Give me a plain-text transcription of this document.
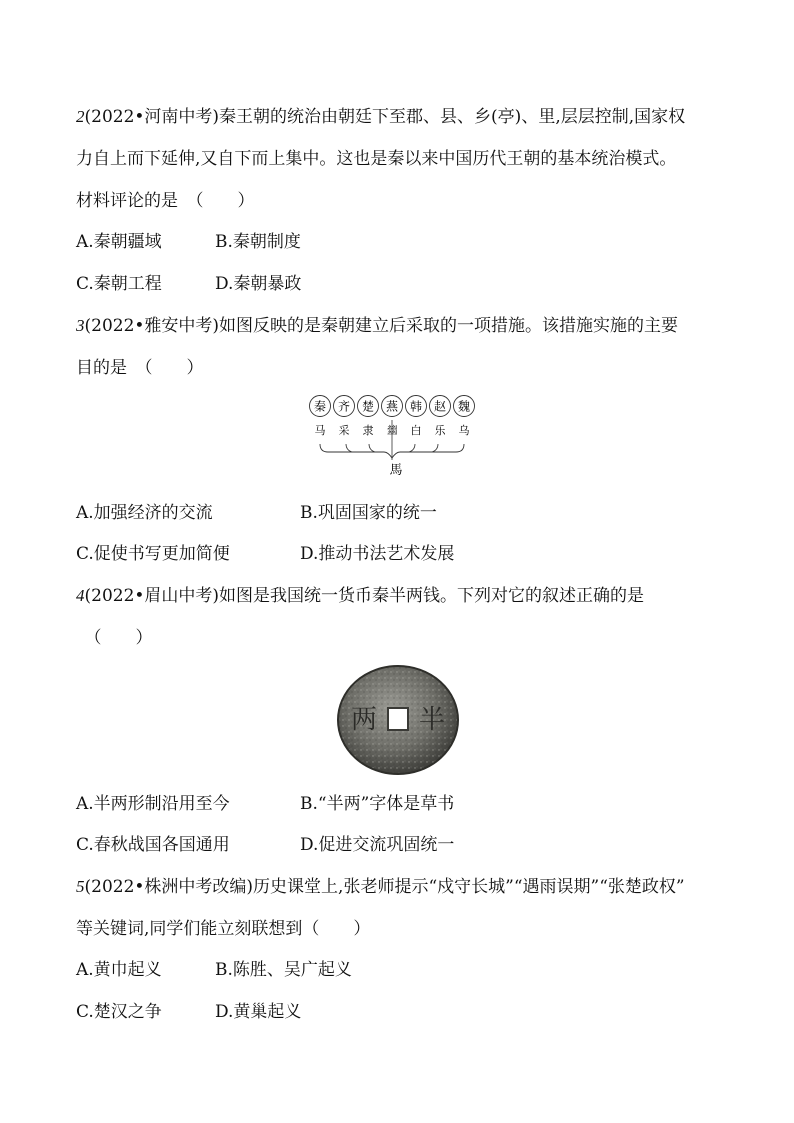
2(2022•河南中考)秦王朝的统治由朝廷下至郡、县、乡(亭)、里,层层控制,国家权
力自上而下延伸,又自下而上集中。这也是秦以来中国历代王朝的基本统治模式。
材料评论的是　（　　）
A.秦朝疆域	B.秦朝制度
C.秦朝工程	D.秦朝暴政
3(2022•雅安中考)如图反映的是秦朝建立后采取的一项措施。该措施实施的主要
目的是　（　　）
秦
马
齐
采
楚
隶
燕
𢇍
韩
白
赵
乐
魏
乌
馬
A.加强经济的交流	B.巩固国家的统一
C.促使书写更加简便	D.推动书法艺术发展
4(2022•眉山中考)如图是我国统一货币秦半两钱。下列对它的叙述正确的是
　（　　）
两 半
A.半两形制沿用至今	B.“半两”字体是草书
C.春秋战国各国通用	D.促进交流巩固统一
5(2022•株洲中考改编)历史课堂上,张老师提示“戍守长城”“遇雨误期”“张楚政权”
等关键词,同学们能立刻联想到（　　）
A.黄巾起义	B.陈胜、吴广起义
C.楚汉之争	D.黄巢起义
